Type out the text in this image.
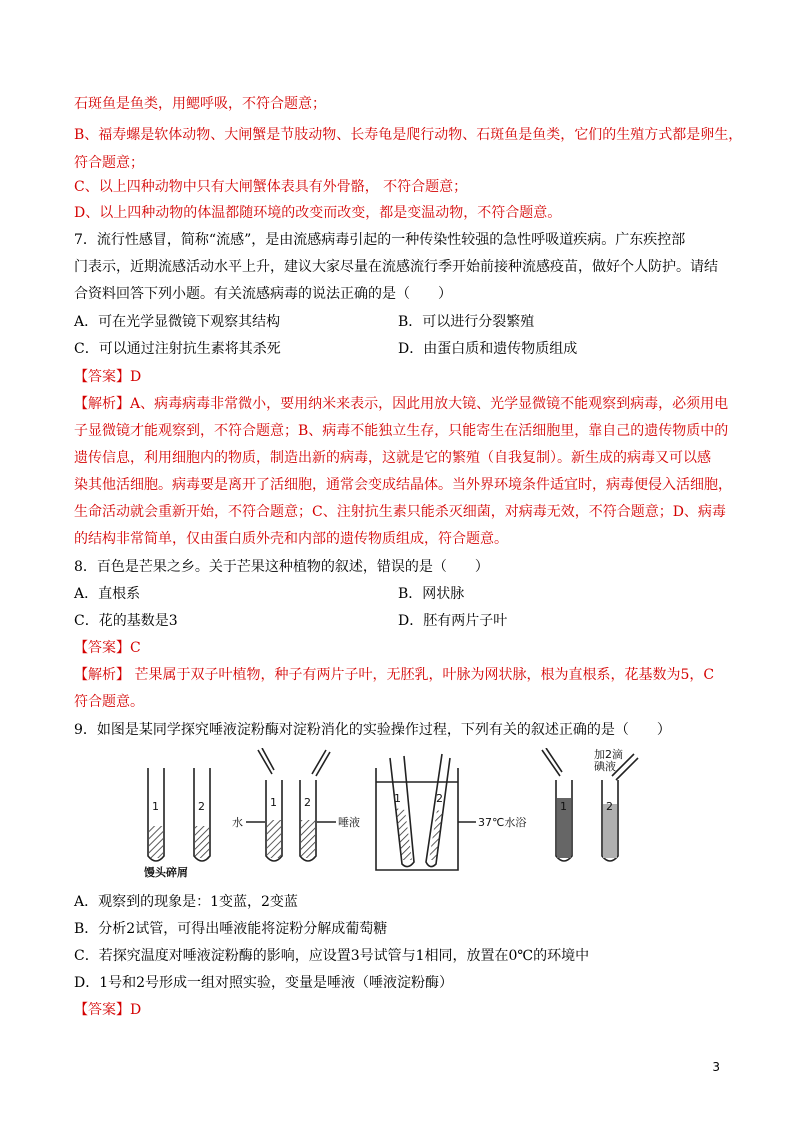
石斑鱼是鱼类，用鳃呼吸，不符合题意；
B、福寿螺是软体动物、大闸蟹是节肢动物、长寿龟是爬行动物、石斑鱼是鱼类，它们的生殖方式都是卵生，
符合题意；
C、以上四种动物中只有大闸蟹体表具有外骨骼， 不符合题意；
D、以上四种动物的体温都随环境的改变而改变，都是变温动物，不符合题意。
7．流行性感冒，简称“流感”，是由流感病毒引起的一种传染性较强的急性呼吸道疾病。广东疾控部
门表示，近期流感活动水平上升，建议大家尽量在流感流行季开始前接种流感疫苗，做好个人防护。请结
合资料回答下列小题。有关流感病毒的说法正确的是（　　）
A．可在光学显微镜下观察其结构	B．可以进行分裂繁殖
C．可以通过注射抗生素将其杀死	D．由蛋白质和遗传物质组成
【答案】D
【解析】A、病毒病毒非常微小，要用纳米来表示，因此用放大镜、光学显微镜不能观察到病毒，必须用电
子显微镜才能观察到，不符合题意；B、病毒不能独立生存，只能寄生在活细胞里，靠自己的遗传物质中的
遗传信息，利用细胞内的物质，制造出新的病毒，这就是它的繁殖（自我复制）。新生成的病毒又可以感
染其他活细胞。病毒要是离开了活细胞，通常会变成结晶体。当外界环境条件适宜时，病毒便侵入活细胞，
生命活动就会重新开始，不符合题意；C、注射抗生素只能杀灭细菌，对病毒无效，不符合题意；D、病毒
的结构非常简单，仅由蛋白质外壳和内部的遗传物质组成，符合题意。
8．百色是芒果之乡。关于芒果这种植物的叙述，错误的是（　　）
A．直根系	B．网状脉
C．花的基数是3	D．胚有两片子叶
【答案】C
【解析】 芒果属于双子叶植物，种子有两片子叶，无胚乳，叶脉为网状脉，根为直根系，花基数为5，C
符合题意。
9．如图是某同学探究唾液淀粉酶对淀粉消化的实验操作过程，下列有关的叙述正确的是（　　）
1	2	1 2	1	2
1	2
水	唾液	37℃水浴
加2滴
碘液
馒头碎屑
A．观察到的现象是：1变蓝，2变蓝
B．分析2试管，可得出唾液能将淀粉分解成葡萄糖
C．若探究温度对唾液淀粉酶的影响，应设置3号试管与1相同，放置在0℃的环境中
D．1号和2号形成一组对照实验，变量是唾液（唾液淀粉酶）
【答案】D
3
